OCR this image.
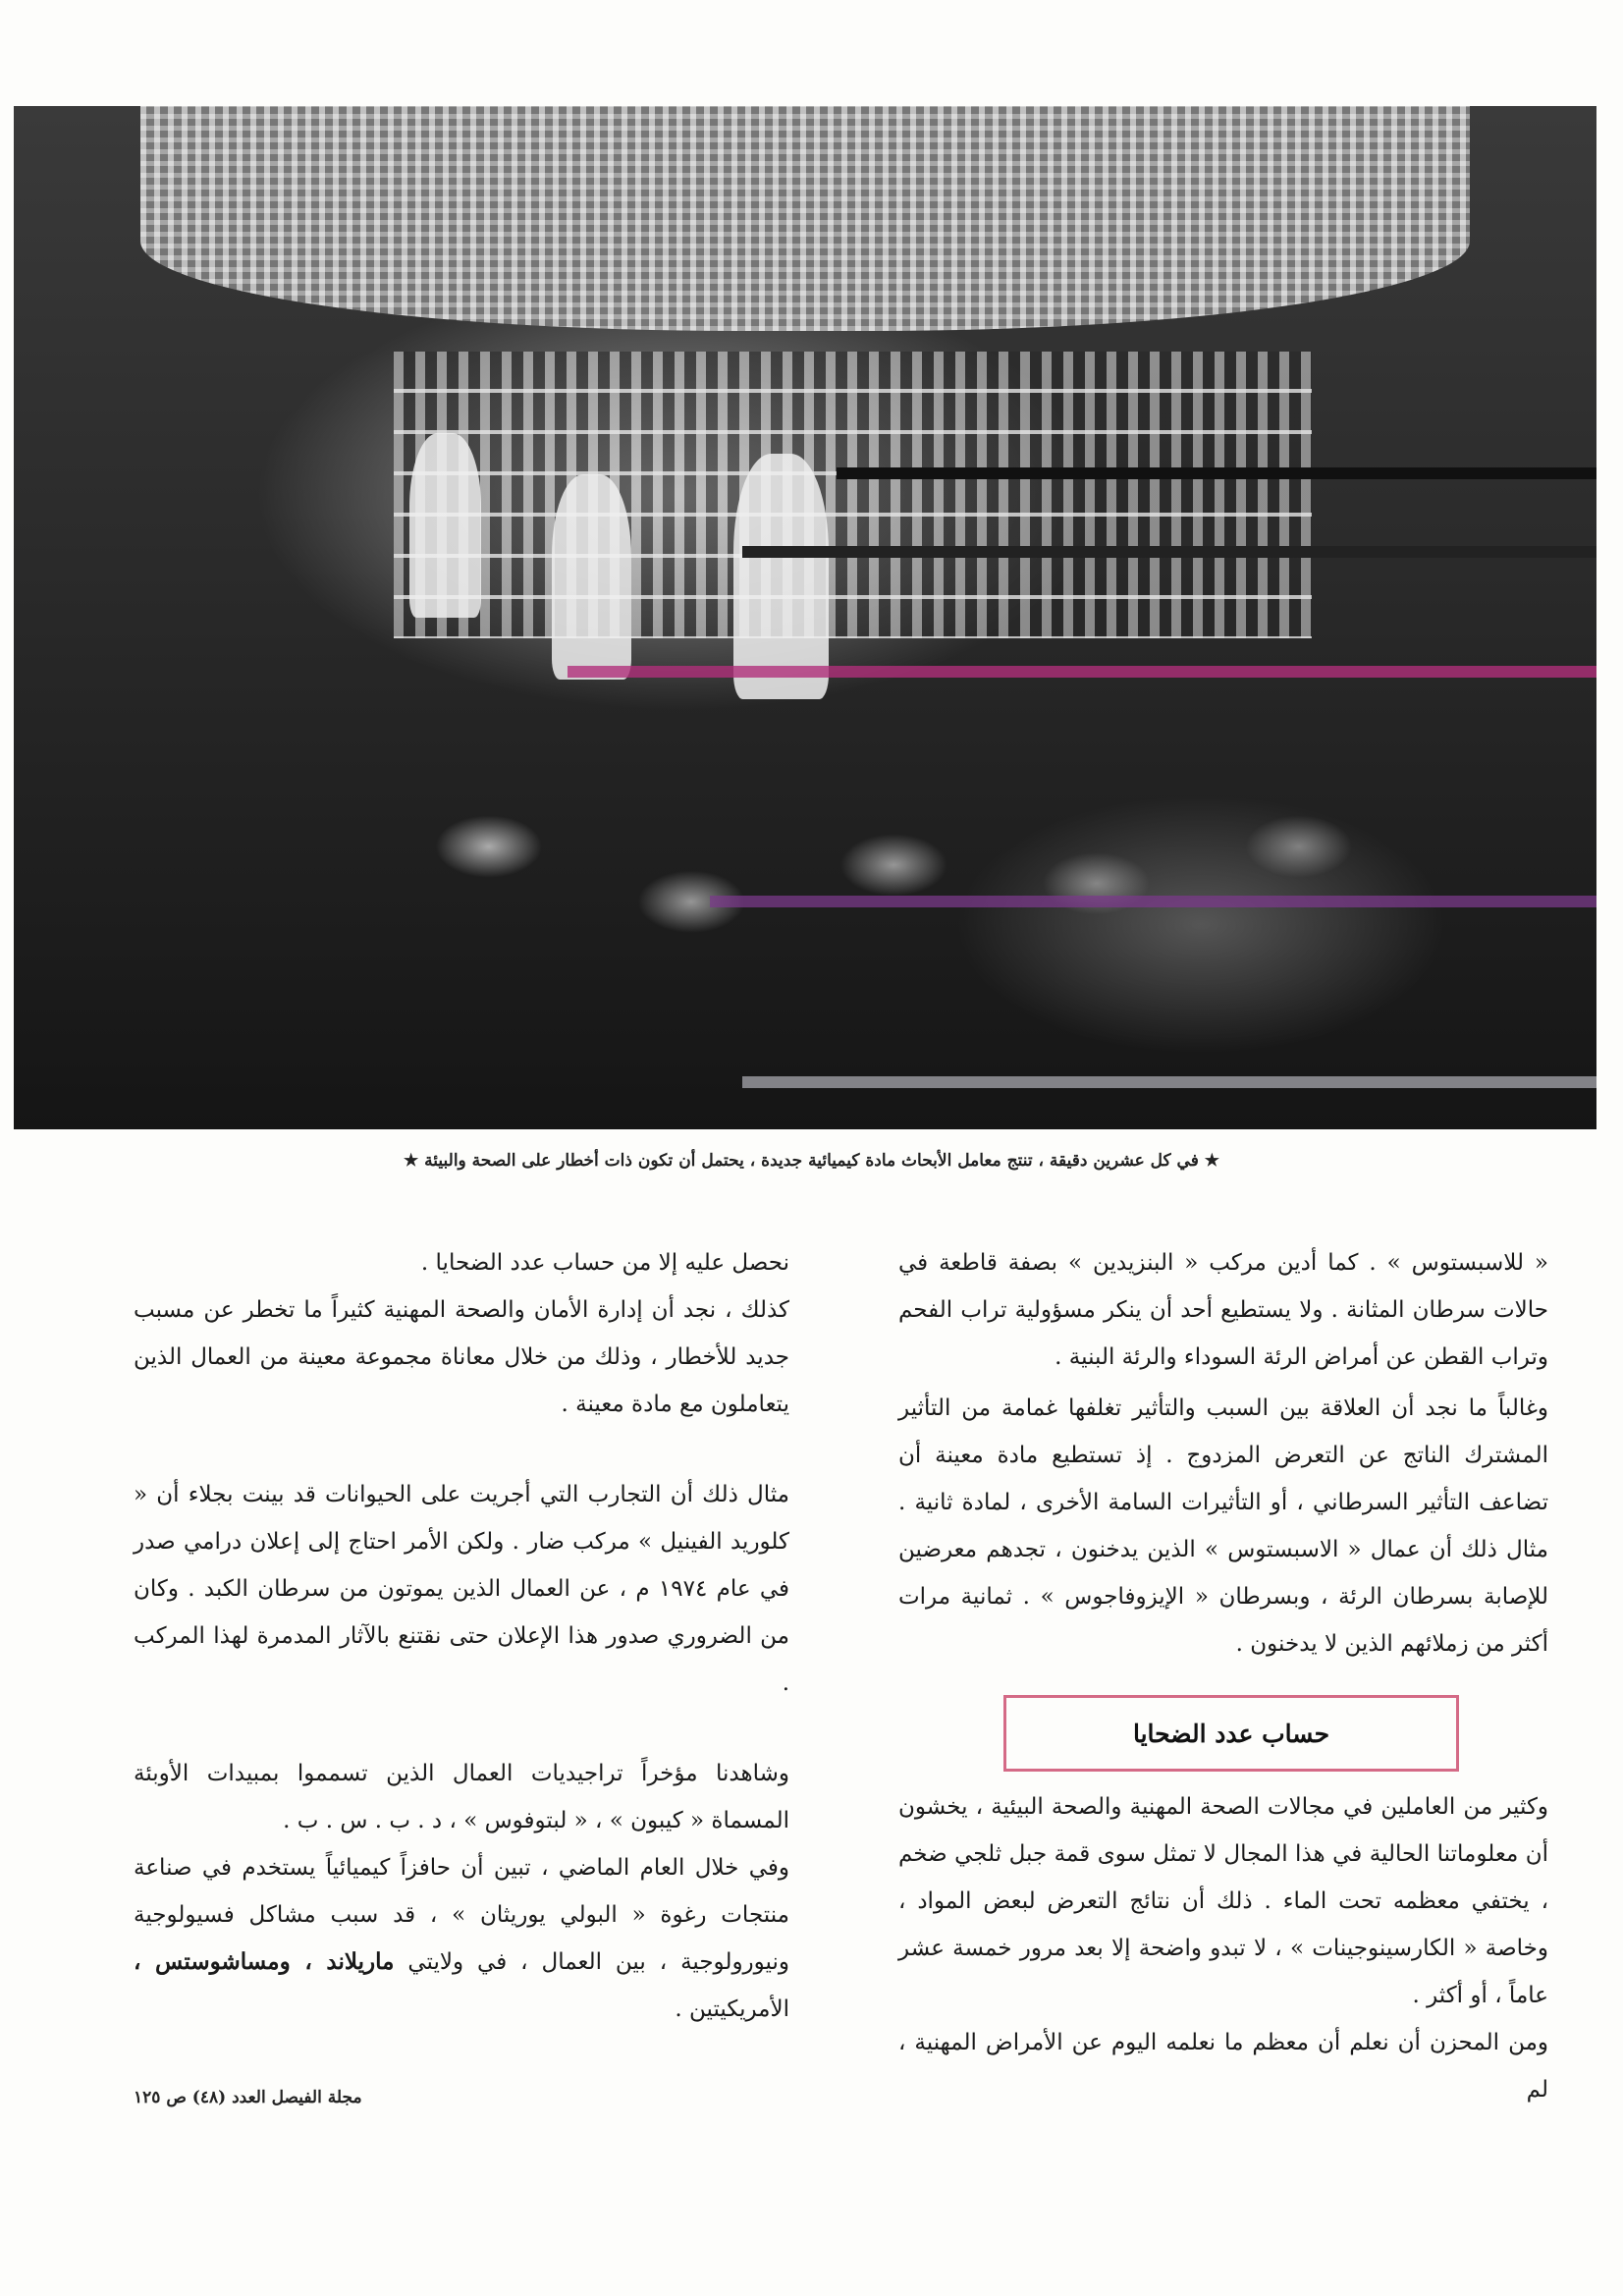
★ في كل عشرين دقيقة ، تنتج معامل الأبحاث مادة كيميائية جديدة ، يحتمل أن تكون ذات أخطار على الصحة والبيئة ★

« للاسبستوس » . كما أدين مركب « البنزيدين » بصفة قاطعة في حالات سرطان المثانة . ولا يستطيع أحد أن ينكر مسؤولية تراب الفحم وتراب القطن عن أمراض الرئة السوداء والرئة البنية .

وغالباً ما نجد أن العلاقة بين السبب والتأثير تغلفها غمامة من التأثير المشترك الناتج عن التعرض المزدوج . إذ تستطيع مادة معينة أن تضاعف التأثير السرطاني ، أو التأثيرات السامة الأخرى ، لمادة ثانية . مثال ذلك أن عمال « الاسبستوس » الذين يدخنون ، تجدهم معرضين للإصابة بسرطان الرئة ، وبسرطان « الإيزوفاجوس » . ثمانية مرات أكثر من زملائهم الذين لا يدخنون .

حساب عدد الضحايا

وكثير من العاملين في مجالات الصحة المهنية والصحة البيئية ، يخشون أن معلوماتنا الحالية في هذا المجال لا تمثل سوى قمة جبل ثلجي ضخم ، يختفي معظمه تحت الماء . ذلك أن نتائج التعرض لبعض المواد ، وخاصة « الكارسينوجينات » ، لا تبدو واضحة إلا بعد مرور خمسة عشر عاماً ، أو أكثر .

ومن المحزن أن نعلم أن معظم ما نعلمه اليوم عن الأمراض المهنية ، لم

نحصل عليه إلا من حساب عدد الضحايا .

كذلك ، نجد أن إدارة الأمان والصحة المهنية كثيراً ما تخطر عن مسبب جديد للأخطار ، وذلك من خلال معاناة مجموعة معينة من العمال الذين يتعاملون مع مادة معينة .

مثال ذلك أن التجارب التي أجريت على الحيوانات قد بينت بجلاء أن « كلوريد الفينيل » مركب ضار . ولكن الأمر احتاج إلى إعلان درامي صدر في عام ١٩٧٤ م ، عن العمال الذين يموتون من سرطان الكبد . وكان من الضروري صدور هذا الإعلان حتى نقتنع بالآثار المدمرة لهذا المركب .

وشاهدنا مؤخراً تراجيديات العمال الذين تسمموا بمبيدات الأوبئة المسماة « كيبون » ، « لبتوفوس » ، د . ب . س . ب .

وفي خلال العام الماضي ، تبين أن حافزاً كيميائياً يستخدم في صناعة منتجات رغوة « البولي يوريثان » ، قد سبب مشاكل فسيولوجية ونيورولوجية ، بين العمال ، في ولايتي ماريلاند ، ومساشوستس ، الأمريكيتين .

مجلة الفيصل العدد (٤٨) ص ١٢٥
